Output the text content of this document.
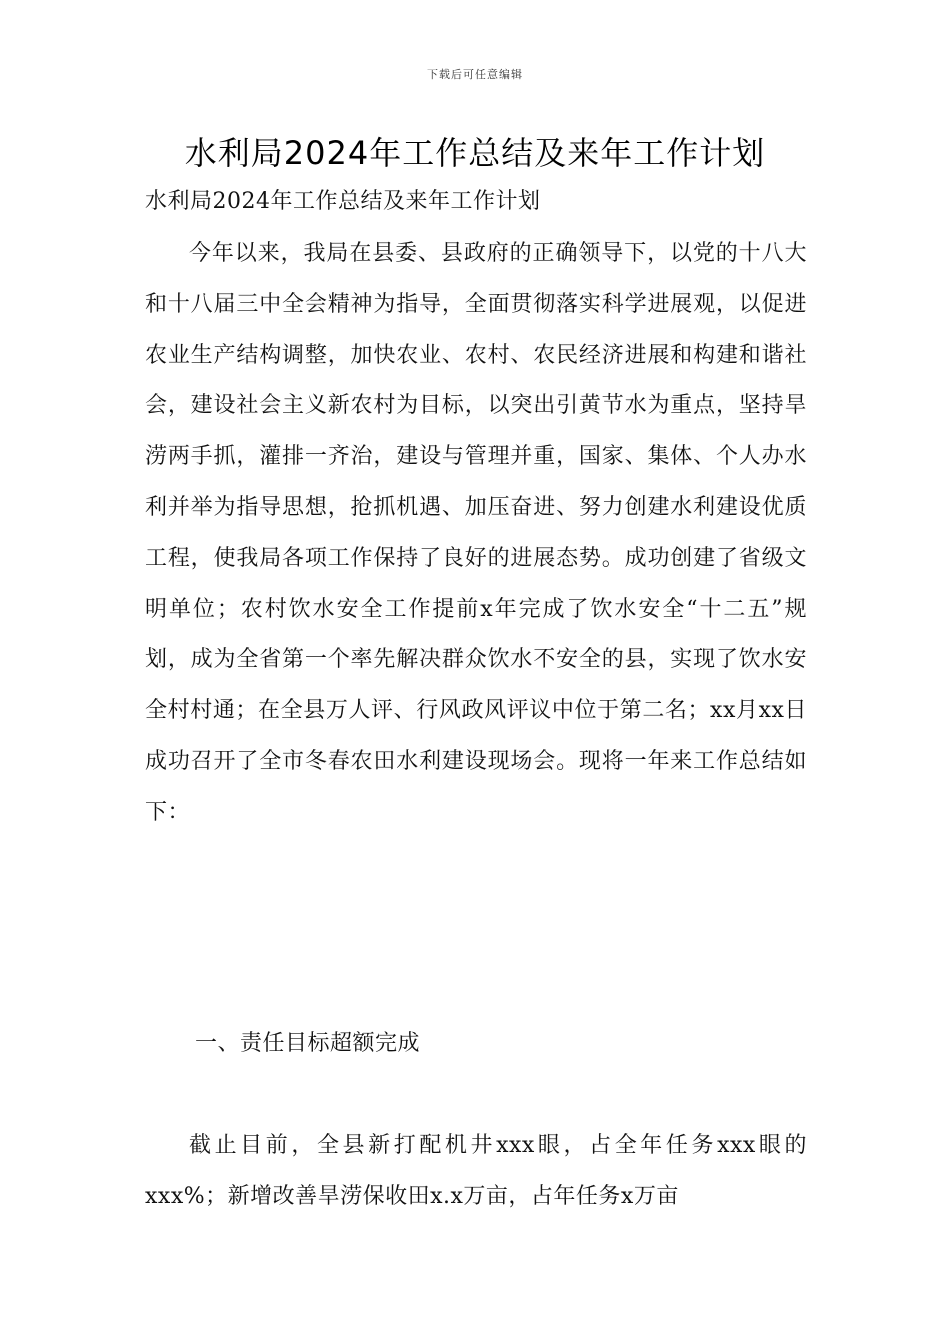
下载后可任意编辑
水利局2024年工作总结及来年工作计划
水利局2024年工作总结及来年工作计划

今年以来，我局在县委、县政府的正确领导下，以党的十八大和十八届三中全会精神为指导，全面贯彻落实科学进展观，以促进农业生产结构调整，加快农业、农村、农民经济进展和构建和谐社会，建设社会主义新农村为目标，以突出引黄节水为重点，坚持旱涝两手抓，灌排一齐治，建设与管理并重，国家、集体、个人办水利并举为指导思想，抢抓机遇、加压奋进、努力创建水利建设优质工程，使我局各项工作保持了良好的进展态势。成功创建了省级文明单位；农村饮水安全工作提前x年完成了饮水安全“十二五”规划，成为全省第一个率先解决群众饮水不安全的县，实现了饮水安全村村通；在全县万人评、行风政风评议中位于第二名；xx月xx日成功召开了全市冬春农田水利建设现场会。现将一年来工作总结如下：

一、责任目标超额完成

截止目前，全县新打配机井xxx眼，占全年任务xxx眼的xxx%；新增改善旱涝保收田x.x万亩，占年任务x万亩
